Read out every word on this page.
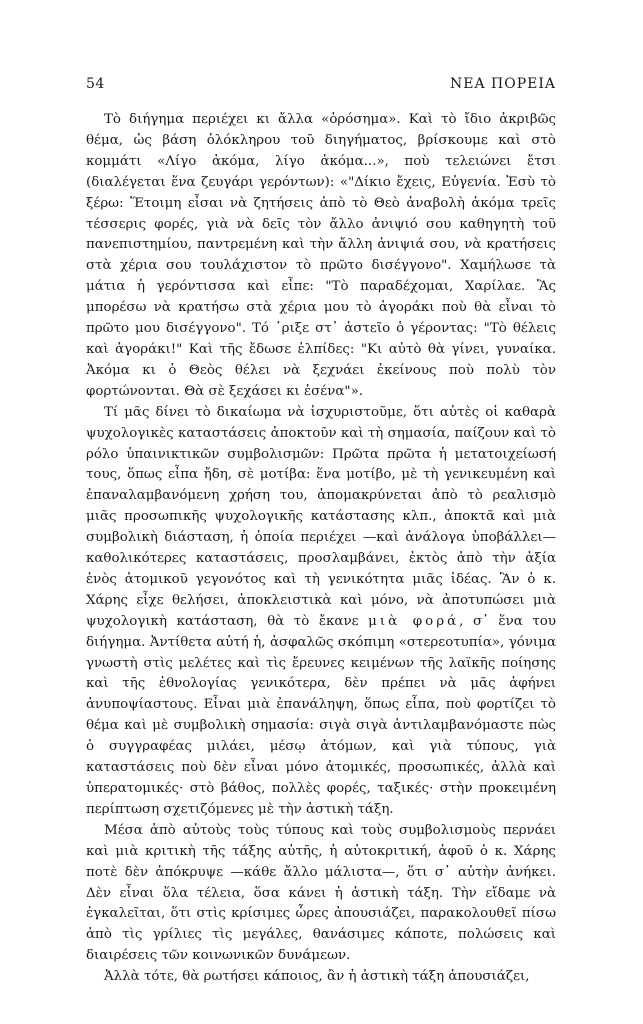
54	ΝΕΑ ΠΟΡΕΙΑ

Τὸ διήγημα περιέχει κι ἄλλα «ὁρόσημα». Καὶ τὸ ἴδιο ἀκριβῶς θέμα, ὡς βάση ὁλόκληρου τοῦ διηγήματος, βρίσκουμε καὶ στὸ κομμάτι «Λίγο ἀκόμα, λίγο ἀκόμα...», ποὺ τελειώνει ἔτσι (διαλέγεται ἕνα ζευγάρι γερόντων): «"Δίκιο ἔχεις, Εὐγενία. Ἐσὺ τὸ ξέρω: Ἕτοιμη εἶσαι νὰ ζητήσεις ἀπὸ τὸ Θεὸ ἀναβολὴ ἀκόμα τρεῖς τέσσερις φορές, γιὰ νὰ δεῖς τὸν ἄλλο ἀνιψιό σου καθηγητὴ τοῦ πανεπιστημίου, παντρεμένη καὶ τὴν ἄλλη ἀνιψιά σου, νὰ κρατήσεις στὰ χέρια σου τουλάχιστον τὸ πρῶτο δισέγγονο". Χαμήλωσε τὰ μάτια ἡ γερόντισσα καὶ εἶπε: "Τὸ παραδέχομαι, Χαρίλαε. Ἂς μπορέσω νὰ κρατήσω στὰ χέρια μου τὸ ἀγοράκι ποὺ θὰ εἶναι τὸ πρῶτο μου δισέγγονο". Τό ῾ριξε στ᾽ ἀστεῖο ὁ γέροντας: "Τὸ θέλεις καὶ ἀγοράκι!" Καὶ τῆς ἔδωσε ἐλπίδες: "Κι αὐτὸ θὰ γίνει, γυναίκα. Ἀκόμα κι ὁ Θεὸς θέλει νὰ ξεχνάει ἐκείνους ποὺ πολὺ τὸν φορτώνονται. Θὰ σὲ ξεχάσει κι ἐσένα"».

Τί μᾶς δίνει τὸ δικαίωμα νὰ ἰσχυριστοῦμε, ὅτι αὐτὲς οἱ καθαρὰ ψυχολογικὲς καταστάσεις ἀποκτοῦν καὶ τὴ σημασία, παίζουν καὶ τὸ ρόλο ὑπαινικτικῶν συμβολισμῶν: Πρῶτα πρῶτα ἡ μετατοιχείωσή τους, ὅπως εἶπα ἤδη, σὲ μοτίβα: ἕνα μοτίβο, μὲ τὴ γενικευμένη καὶ ἐπαναλαμβανόμενη χρήση του, ἀπομακρύνεται ἀπὸ τὸ ρεαλισμὸ μιᾶς προσωπικῆς ψυχολογικῆς κατάστασης κλπ., ἀποκτᾶ καὶ μιὰ συμβολικὴ διάσταση, ἡ ὁποία περιέχει —καὶ ἀνάλογα ὑποβάλλει— καθολικότερες καταστάσεις, προσλαμβάνει, ἐκτὸς ἀπὸ τὴν ἀξία ἑνὸς ἀτομικοῦ γεγονότος καὶ τὴ γενικότητα μιᾶς ἰδέας. Ἂν ὁ κ. Χάρης εἶχε θελήσει, ἀποκλειστικὰ καὶ μόνο, νὰ ἀποτυπώσει μιὰ ψυχολογικὴ κατάσταση, θὰ τὸ ἔκανε μιὰ φορά, σ᾽ ἕνα του διήγημα. Ἀντίθετα αὐτή ἡ, ἀσφαλῶς σκόπιμη «στερεοτυπία», γόνιμα γνωστὴ στὶς μελέτες καὶ τὶς ἔρευνες κειμένων τῆς λαϊκῆς ποίησης καὶ τῆς ἐθνολογίας γενικότερα, δὲν πρέπει νὰ μᾶς ἀφήνει ἀνυποψίαστους. Εἶναι μιὰ ἐπανάληψη, ὅπως εἶπα, ποὺ φορτίζει τὸ θέμα καὶ μὲ συμβολικὴ σημασία: σιγὰ σιγὰ ἀντιλαμβανόμαστε πὼς ὁ συγγραφέας μιλάει, μέσῳ ἀτόμων, καὶ γιὰ τύπους, γιὰ καταστάσεις ποὺ δὲν εἶναι μόνο ἀτομικές, προσωπικές, ἀλλὰ καὶ ὑπερατομικές· στὸ βάθος, πολλὲς φορές, ταξικές· στὴν προκειμένη περίπτωση σχετιζόμενες μὲ τὴν ἀστικὴ τάξη.

Μέσα ἀπὸ αὐτοὺς τοὺς τύπους καὶ τοὺς συμβολισμοὺς περνάει καὶ μιὰ κριτικὴ τῆς τάξης αὐτῆς, ἡ αὐτοκριτική, ἀφοῦ ὁ κ. Χάρης ποτὲ δὲν ἀπόκρυψε —κάθε ἄλλο μάλιστα—, ὅτι σ᾽ αὐτὴν ἀνήκει. Δὲν εἶναι ὅλα τέλεια, ὅσα κάνει ἡ ἀστικὴ τάξη. Τὴν εἴδαμε νὰ ἐγκαλεῖται, ὅτι στὶς κρίσιμες ὧρες ἀπουσιάζει, παρακολουθεῖ πίσω ἀπὸ τὶς γρίλιες τὶς μεγάλες, θανάσιμες κάποτε, πολώσεις καὶ διαιρέσεις τῶν κοινωνικῶν δυνάμεων.

Ἀλλὰ τότε, θὰ ρωτήσει κάποιος, ἂν ἡ ἀστικὴ τάξη ἀπουσιάζει,
